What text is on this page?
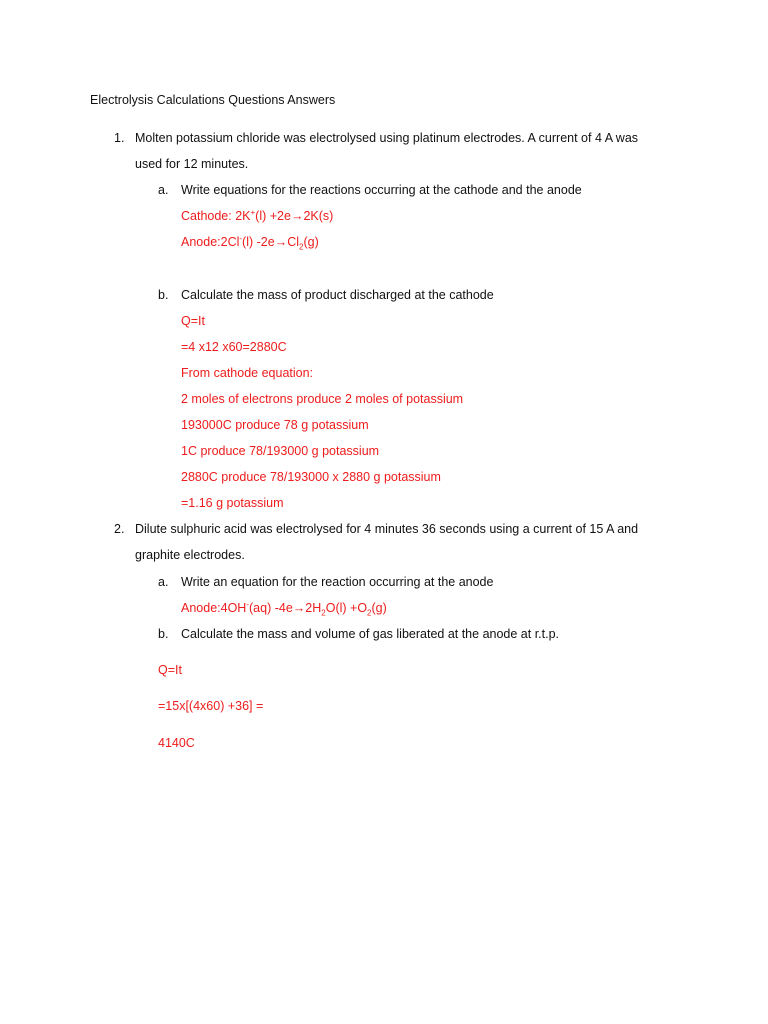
Electrolysis Calculations Questions Answers
1. Molten potassium chloride was electrolysed using platinum electrodes. A current of 4 A was
used for 12 minutes.
a. Write equations for the reactions occurring at the cathode and the anode
Cathode: 2K+(l) +2e→2K(s)
Anode:2Cl-(l) $-2e\to Cl_2(g)$
b. Calculate the mass of product discharged at the cathode
Q=It
=4 x12 x60=2880C
From cathode equation:
2 moles of electrons produce 2 moles of potassium
193000C produce 78 g potassium
1C produce 78/193000 g potassium
2880C produce 78/193000 x 2880 g potassium
=1.16 g potassium
2. Dilute sulphuric acid was electrolysed for 4 minutes 36 seconds using a current of 15 A and
graphite electrodes.
a. Write an equation for the reaction occurring at the anode
Anode:4OH-(aq) $-4e\to 2H_2O(l) +O_2(g)$
b. Calculate the mass and volume of gas liberated at the anode at r.t.p.
Q=It
=15x[(4x60) +36] =
4140C
